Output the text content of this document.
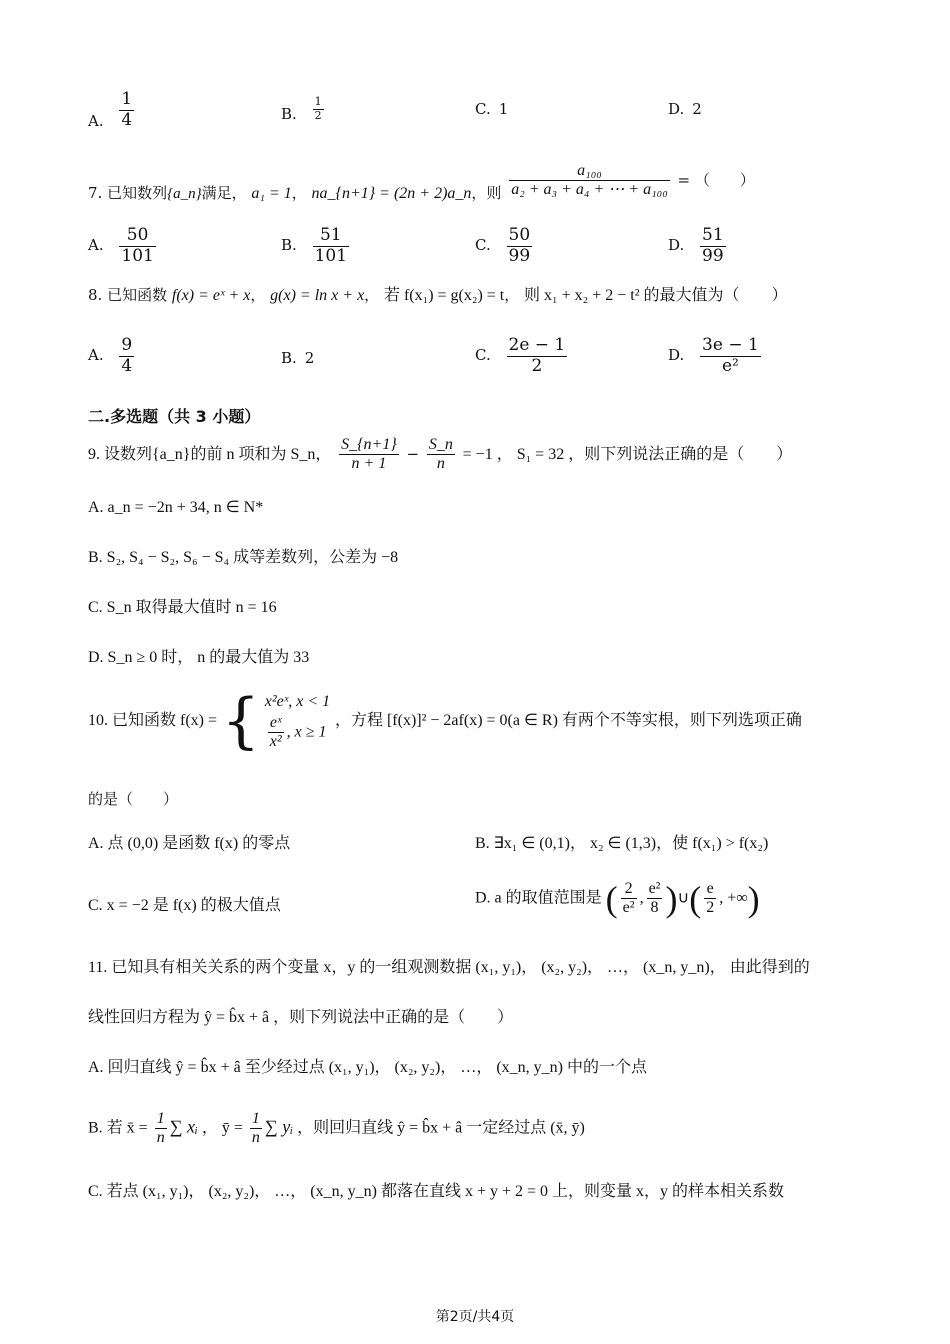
A. $\frac{1}{4}$	B. $\frac{1}{2}$	C. 1	D. 2
7. 已知数列{a_n}满足， a₁ = 1， na_{n+1} = (2n + 2)a_n，则 $\frac{\text{a₁₀₀}}{\text{a₂ + a₃ + a₄ + ⋯ + a₁₀₀}}$ = （　　）
A. $\frac{50}{101}$	B. $\frac{51}{101}$	C. $\frac{50}{99}$	D. $\frac{51}{99}$
8. 已知函数 f(x) = eˣ + x， g(x) = ln x + x， 若 f(x₁) = g(x₂) = t， 则 x₁ + x₂ + 2 − t² 的最大值为（　　）
A. $\frac{9}{4}$	B. 2	C. $\frac{2e - 1}{2}$	D. $\frac{3e - 1}{\text{e²}}$
二.多选题（共 3 小题）
9. 设数列{a_n}的前 n 项和为 S_n， $\frac{S\_\{n+1\}}{n + 1} - \frac{S\_n}{n} = -1$ ， S₁ = 32 ，则下列说法正确的是（　　）
A. a_n = −2n + 34, n ∈ N*
B. S₂, S₄ − S₂, S₆ − S₄ 成等差数列，公差为 −8
C. S_n 取得最大值时 n = 16
D. S_n ≥ 0 时， n 的最大值为 33
10. 已知函数 f(x) = { x²eˣ, x < 1
$\frac{\text{eˣ}}{\text{x²}}$ , x ≥ 1
，方程 [f(x)]² − 2af(x) = 0(a ∈ R) 有两个不等实根，则下列选项正确
的是（　　）
A. 点 (0,0) 是函数 f(x) 的零点	B. ∃x₁ ∈ (0,1)， x₂ ∈ (1,3)，使 f(x₁) > f(x₂)
C. x = −2 是 f(x) 的极大值点	D. a 的取值范围是 ( $\frac{2}{\text{e²}}$ , $\frac{\text{e²}}{8}$ )∪( $\frac{e}{2}$ , +∞)
11. 已知具有相关关系的两个变量 x，y 的一组观测数据 (x₁, y₁)， (x₂, y₂)， …， (x_n, y_n)， 由此得到的
线性回归方程为 ŷ = b̂x + â ，则下列说法中正确的是（　　）
A. 回归直线 ŷ = b̂x + â 至少经过点 (x₁, y₁)， (x₂, y₂)， …， (x_n, y_n) 中的一个点
B. 若 x̄ = $\frac{1}{n}$ ∑ xᵢ ， ȳ = $\frac{1}{n}$ ∑ yᵢ ，则回归直线 ŷ = b̂x + â 一定经过点 (x̄, ȳ)
C. 若点 (x₁, y₁)， (x₂, y₂)， …， (x_n, y_n) 都落在直线 x + y + 2 = 0 上，则变量 x，y 的样本相关系数
第2页/共4页
